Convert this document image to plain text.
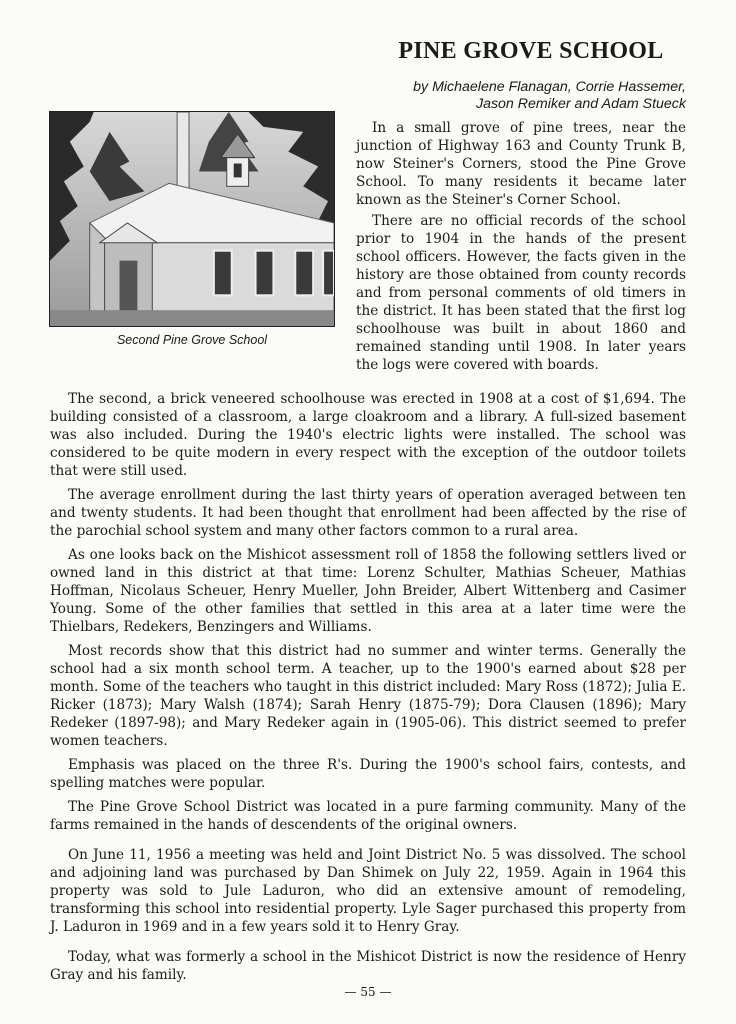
PINE GROVE SCHOOL
by Michaelene Flanagan, Corrie Hassemer,
Jason Remiker and Adam Stueck
Second Pine Grove School

In a small grove of pine trees, near the junction of Highway 163 and County Trunk B, now Steiner's Corners, stood the Pine Grove School. To many residents it became later known as the Steiner's Corner School.

There are no official records of the school prior to 1904 in the hands of the present school officers. However, the facts given in the history are those obtained from county records and from personal comments of old timers in the district. It has been stated that the first log schoolhouse was built in about 1860 and remained standing until 1908. In later years the logs were covered with boards.

The second, a brick veneered schoolhouse was erected in 1908 at a cost of $1,694. The building consisted of a classroom, a large cloakroom and a library. A full-sized basement was also included. During the 1940's electric lights were installed. The school was considered to be quite modern in every respect with the exception of the outdoor toilets that were still used.

The average enrollment during the last thirty years of operation averaged between ten and twenty students. It had been thought that enrollment had been affected by the rise of the parochial school system and many other factors common to a rural area.

As one looks back on the Mishicot assessment roll of 1858 the following settlers lived or owned land in this district at that time: Lorenz Schulter, Mathias Scheuer, Mathias Hoffman, Nicolaus Scheuer, Henry Mueller, John Breider, Albert Wittenberg and Casimer Young. Some of the other families that settled in this area at a later time were the Thielbars, Redekers, Benzingers and Williams.

Most records show that this district had no summer and winter terms. Generally the school had a six month school term. A teacher, up to the 1900's earned about $28 per month. Some of the teachers who taught in this district included: Mary Ross (1872); Julia E. Ricker (1873); Mary Walsh (1874); Sarah Henry (1875-79); Dora Clausen (1896); Mary Redeker (1897-98); and Mary Redeker again in (1905-06). This district seemed to prefer women teachers.

Emphasis was placed on the three R's. During the 1900's school fairs, contests, and spelling matches were popular.

The Pine Grove School District was located in a pure farming community. Many of the farms remained in the hands of descendents of the original owners.

On June 11, 1956 a meeting was held and Joint District No. 5 was dissolved. The school and adjoining land was purchased by Dan Shimek on July 22, 1959. Again in 1964 this property was sold to Jule Laduron, who did an extensive amount of remodeling, transforming this school into residential property. Lyle Sager purchased this property from J. Laduron in 1969 and in a few years sold it to Henry Gray.

Today, what was formerly a school in the Mishicot District is now the residence of Henry Gray and his family.

— 55 —
